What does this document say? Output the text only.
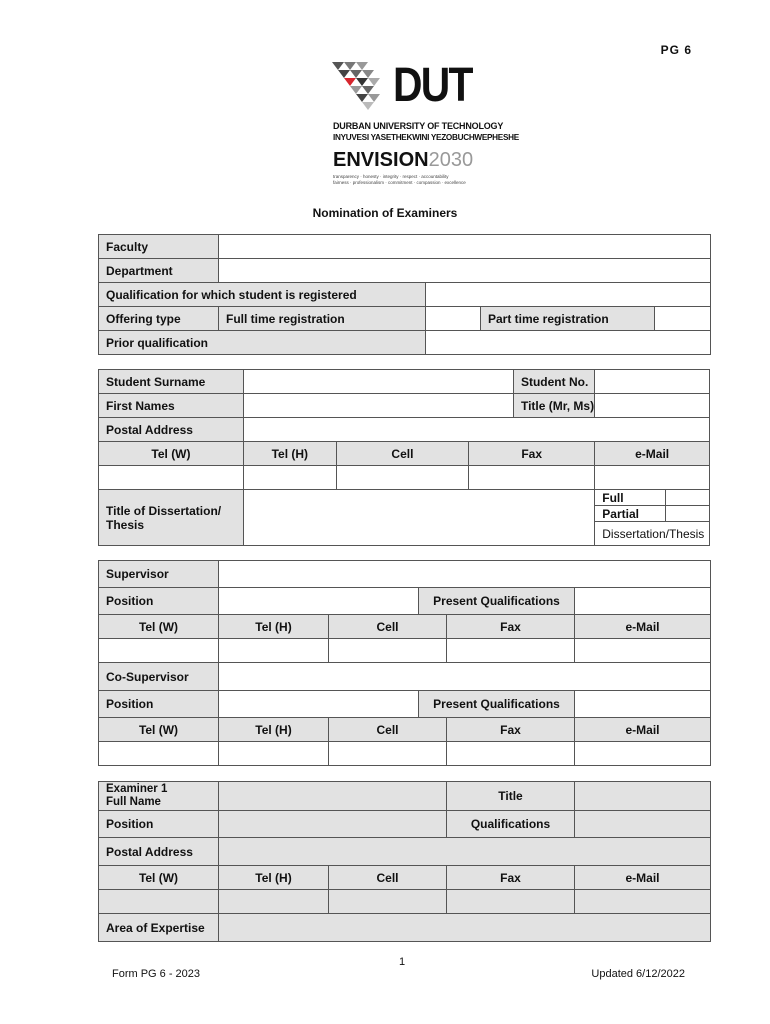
PG 6
DUT
DURBAN UNIVERSITY OF TECHNOLOGY
INYUVESI YASETHEKWINI YEZOBUCHWEPHESHE
ENVISION2030
transparency · honesty · integrity · respect · accountability
fairness · professionalism · commitment · compassion · excellence
Nomination of Examiners
Faculty				
Department				
Qualification for which student is registered				
Offering type	Full time registration		Part time registration	
Prior qualification				
Student Surname				Student No.		
First Names				Title (Mr, Ms)		
Postal Address						
Tel (W)	Tel (H)	Cell	Fax		e-Mail	

Title of Dissertation/ Thesis					Full	
					Partial	
					Dissertation/Thesis	
Supervisor					
Position			Present Qualifications		
Tel (W)	Tel (H)	Cell		Fax	e-Mail

Co-Supervisor					
Position			Present Qualifications		
Tel (W)	Tel (H)	Cell		Fax	e-Mail

Examiner 1
Full Name			Title	
Position			Qualifications	
Postal Address				
Tel (W)	Tel (H)	Cell	Fax	e-Mail

Area of Expertise				
1
Form PG 6 - 2023	Updated 6/12/2022
